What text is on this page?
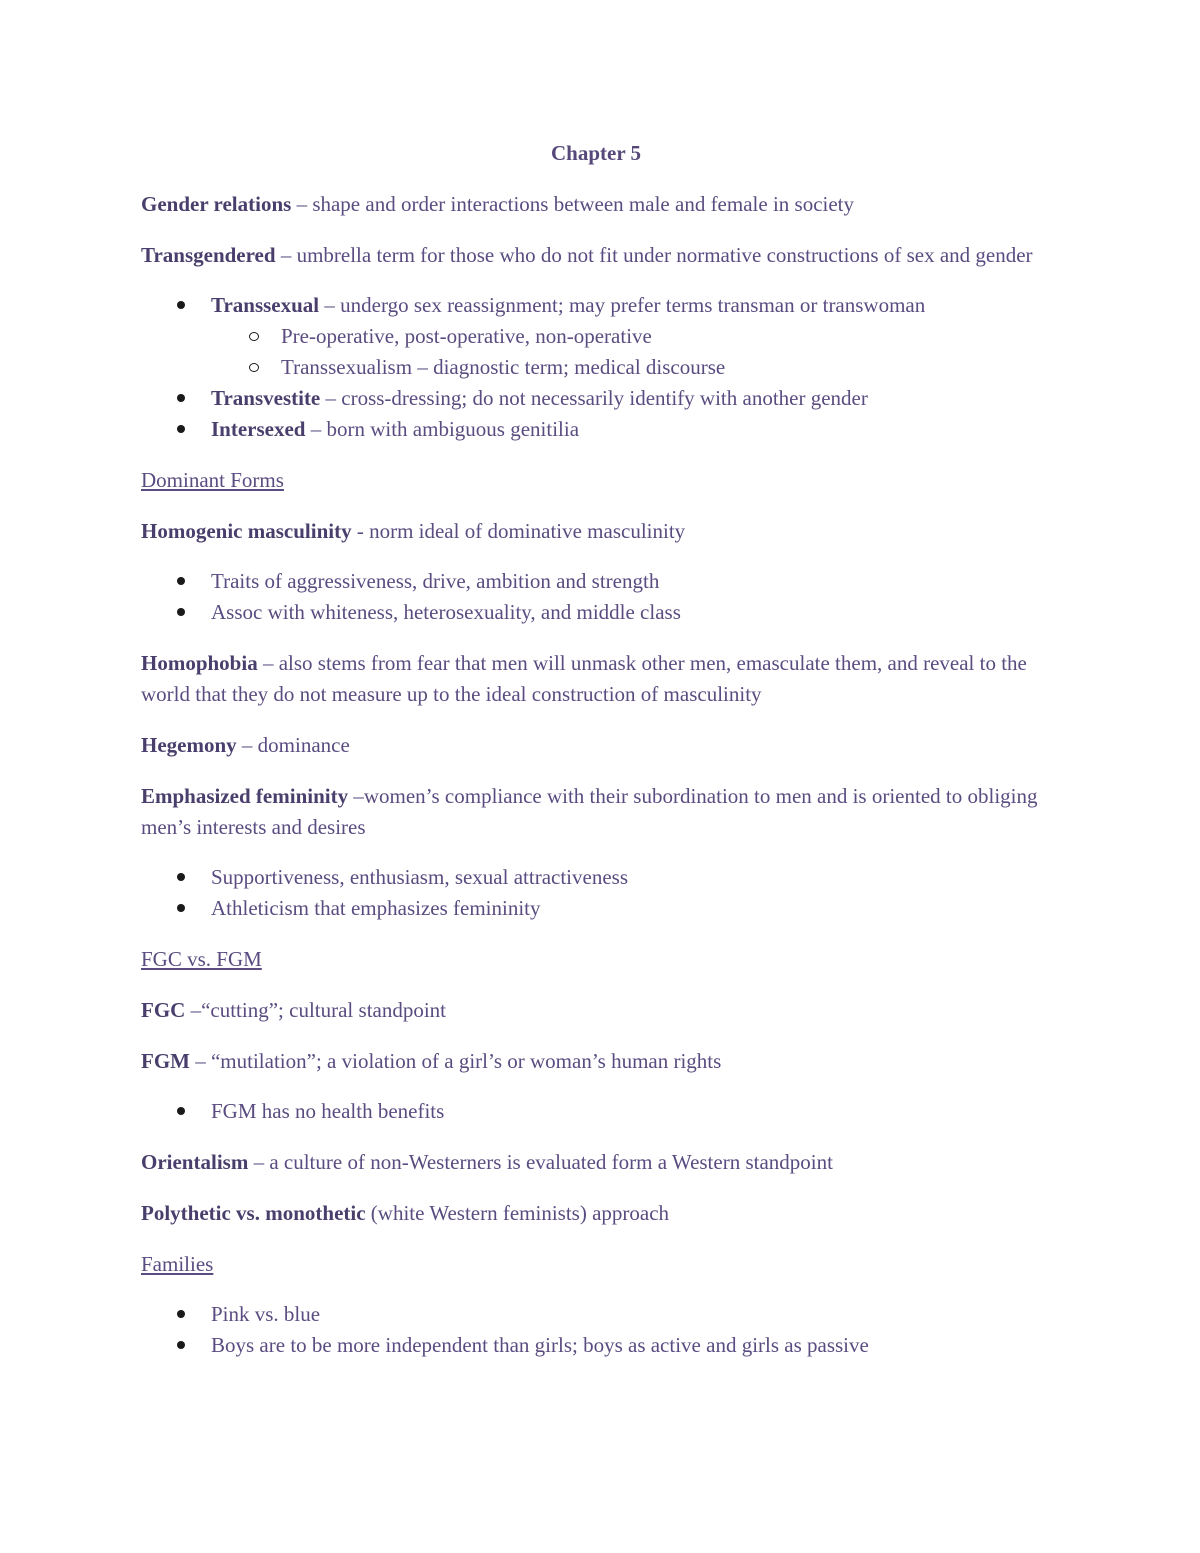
Chapter 5

Gender relations – shape and order interactions between male and female in society

Transgendered – umbrella term for those who do not fit under normative constructions of sex and gender

Transsexual – undergo sex reassignment; may prefer terms transman or transwoman
Pre-operative, post-operative, non-operative
Transsexualism – diagnostic term; medical discourse
Transvestite – cross-dressing; do not necessarily identify with another gender
Intersexed – born with ambiguous genitilia
Dominant Forms

Homogenic masculinity - norm ideal of dominative masculinity

Traits of aggressiveness, drive, ambition and strength
Assoc with whiteness, heterosexuality, and middle class

Homophobia – also stems from fear that men will unmask other men, emasculate them, and reveal to the world that they do not measure up to the ideal construction of masculinity

Hegemony – dominance

Emphasized femininity –women’s compliance with their subordination to men and is oriented to obliging men’s interests and desires

Supportiveness, enthusiasm, sexual attractiveness
Athleticism that emphasizes femininity
FGC vs. FGM

FGC –“cutting”; cultural standpoint

FGM – “mutilation”; a violation of a girl’s or woman’s human rights

FGM has no health benefits

Orientalism – a culture of non-Westerners is evaluated form a Western standpoint

Polythetic vs. monothetic (white Western feminists) approach

Families
Pink vs. blue
Boys are to be more independent than girls; boys as active and girls as passive
